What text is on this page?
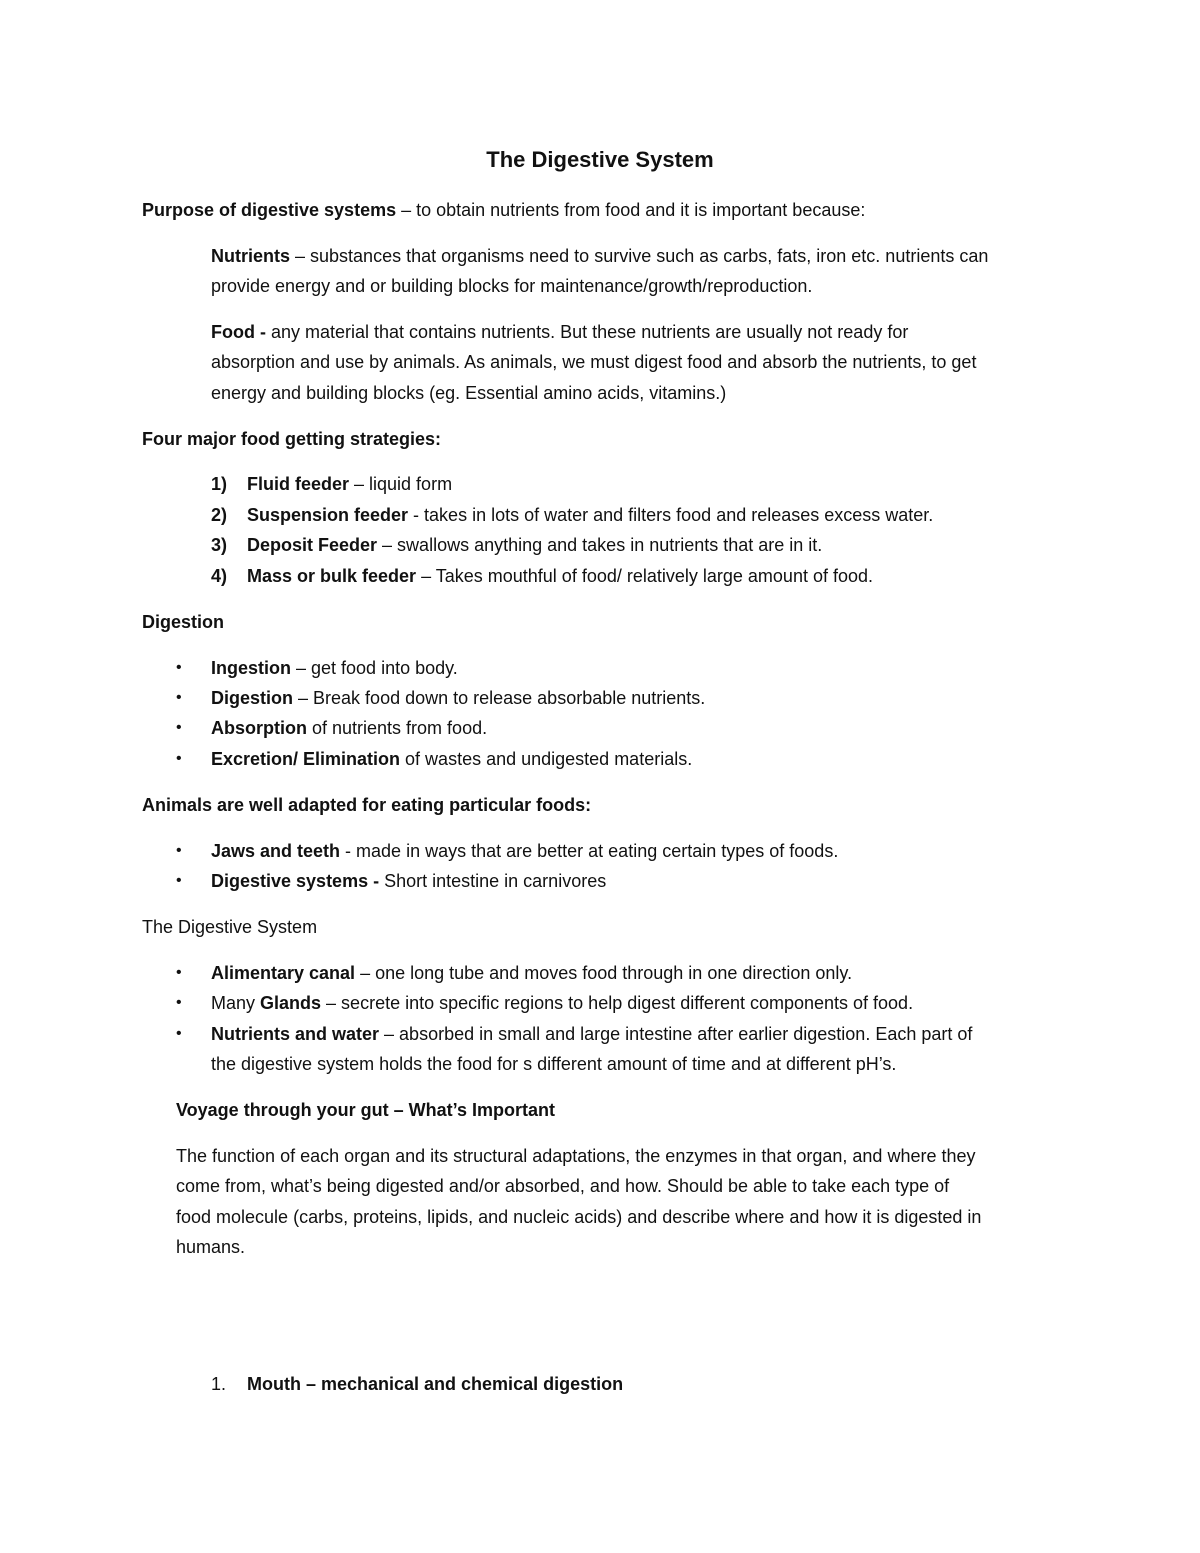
The Digestive System
Purpose of digestive systems – to obtain nutrients from food and it is important because:
Nutrients – substances that organisms need to survive such as carbs, fats, iron etc. nutrients can
provide energy and or building blocks for maintenance/growth/reproduction.
Food - any material that contains nutrients. But these nutrients are usually not ready for
absorption and use by animals. As animals, we must digest food and absorb the nutrients, to get
energy and building blocks (eg. Essential amino acids, vitamins.)
Four major food getting strategies:
1) Fluid feeder – liquid form
2) Suspension feeder - takes in lots of water and filters food and releases excess water.
3) Deposit Feeder – swallows anything and takes in nutrients that are in it.
4) Mass or bulk feeder – Takes mouthful of food/ relatively large amount of food.
Digestion
• Ingestion – get food into body.
• Digestion – Break food down to release absorbable nutrients.
• Absorption of nutrients from food.
• Excretion/ Elimination of wastes and undigested materials.
Animals are well adapted for eating particular foods:
• Jaws and teeth - made in ways that are better at eating certain types of foods.
• Digestive systems - Short intestine in carnivores
The Digestive System
• Alimentary canal – one long tube and moves food through in one direction only.
• Many Glands – secrete into specific regions to help digest different components of food.
• Nutrients and water – absorbed in small and large intestine after earlier digestion. Each part of
the digestive system holds the food for s different amount of time and at different pH’s.
Voyage through your gut – What’s Important
The function of each organ and its structural adaptations, the enzymes in that organ, and where they
come from, what’s being digested and/or absorbed, and how. Should be able to take each type of
food molecule (carbs, proteins, lipids, and nucleic acids) and describe where and how it is digested in
humans.
1. Mouth – mechanical and chemical digestion
